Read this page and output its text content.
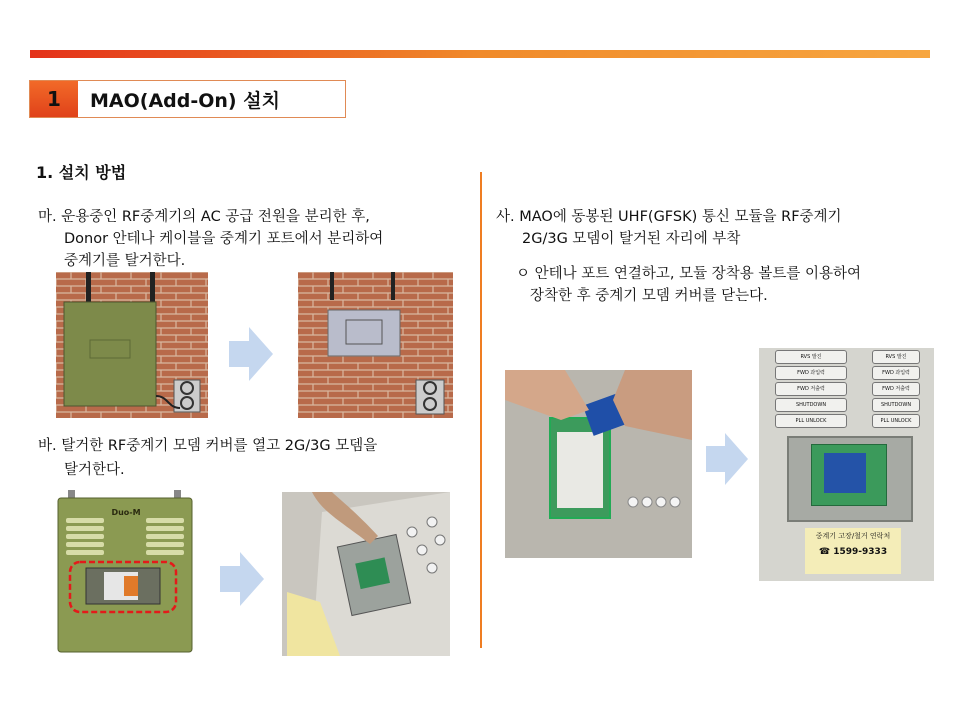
1	MAO(Add-On) 설치
1. 설치 방법
마. 운용중인 RF중계기의 AC 공급 전원을 분리한 후,
Donor 안테나 케이블을 중계기 포트에서 분리하여
중계기를 탈거한다.
바. 탈거한 RF중계기 모뎀 커버를 열고 2G/3G 모뎀을
탈거한다.
사. MAO에 동봉된 UHF(GFSK) 통신 모듈을 RF중계기
2G/3G 모뎀이 탈거된 자리에 부착
ㅇ 안테나 포트 연결하고, 모듈 장착용 볼트를 이용하여
장착한 후 중계기 모뎀 커버를 닫는다.
Duo-M
RVS 발진
FWD 과입력
FWD 저출력
SHUTDOWN
PLL UNLOCK
RVS 발진
FWD 과입력
FWD 저출력
SHUTDOWN
PLL UNLOCK
중계기 고장/철거 연락처
☎ 1599-9333
